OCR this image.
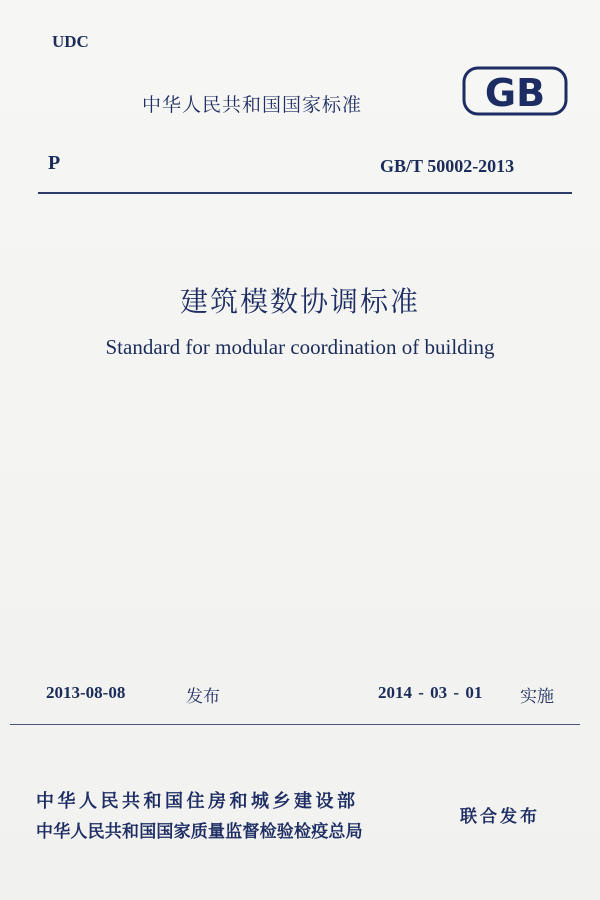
UDC
中华人民共和国国家标准	GB
P	GB/T 50002-2013
建筑模数协调标准
Standard for modular coordination of building
2013-08-08	发布	2014 - 03 - 01 实施
中华人民共和国住房和城乡建设部
中华人民共和国国家质量监督检验检疫总局
联合发布
